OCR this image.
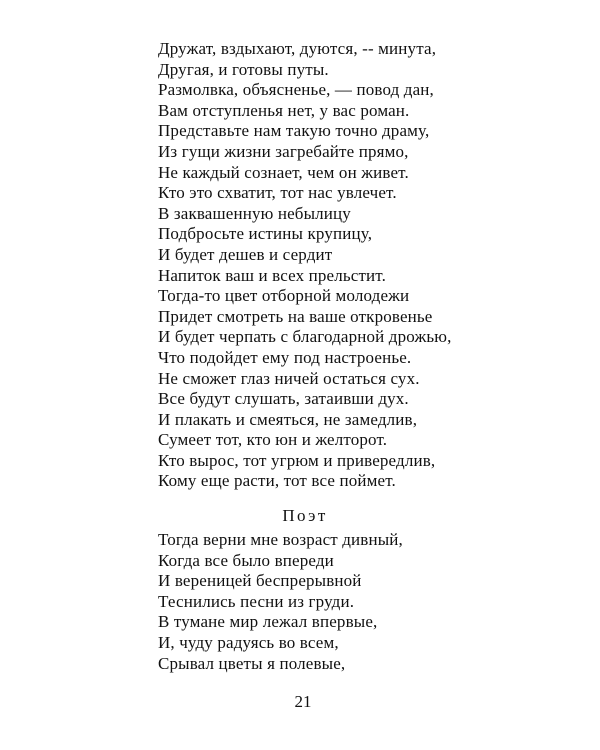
Дружат, вздыхают, дуются, -- минута,
Другая, и готовы путы.
Размолвка, объясненье, — повод дан,
Вам отступленья нет, у вас роман.
Представьте нам такую точно драму,
Из гущи жизни загребайте прямо,
Не каждый сознает, чем он живет.
Кто это схватит, тот нас увлечет.
В заквашенную небылицу
Подбросьте истины крупицу,
И будет дешев и сердит
Напиток ваш и всех прельстит.
Тогда-то цвет отборной молодежи
Придет смотреть на ваше откровенье
И будет черпать с благодарной дрожью,
Что подойдет ему под настроенье.
Не сможет глаз ничей остаться сух.
Все будут слушать, затаивши дух.
И плакать и смеяться, не замедлив,
Сумеет тот, кто юн и желторот.
Кто вырос, тот угрюм и привередлив,
Кому еще расти, тот все поймет.
Поэт
Тогда верни мне возраст дивный,
Когда все было впереди
И вереницей беспрерывной
Теснились песни из груди.
В тумане мир лежал впервые,
И, чуду радуясь во всем,
Срывал цветы я полевые,
21
